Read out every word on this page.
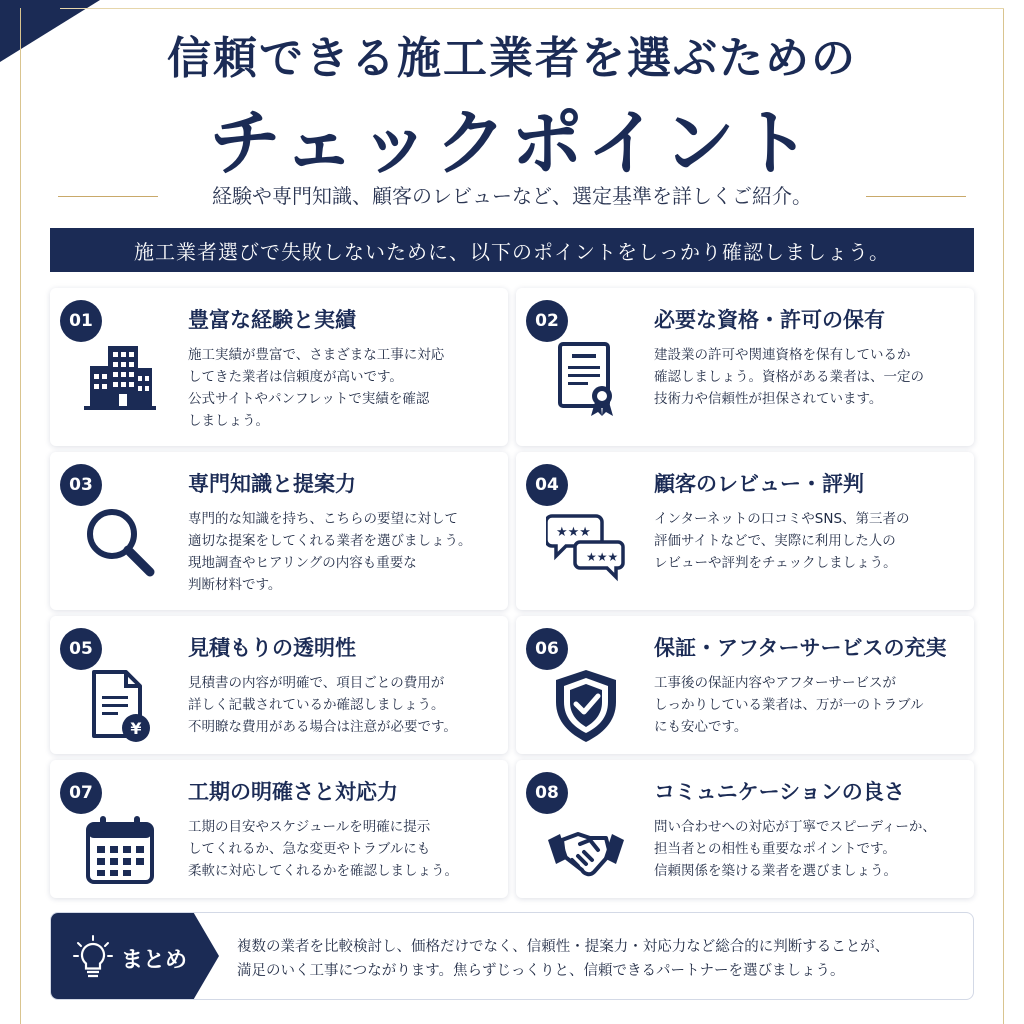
信頼できる施工業者を選ぶための
チェックポイント
経験や専門知識、顧客のレビューなど、選定基準を詳しくご紹介。
施工業者選びで失敗しないために、以下のポイントをしっかり確認しましょう。
01	豊富な経験と実績
施工実績が豊富で、さまざまな工事に対応
してきた業者は信頼度が高いです。
公式サイトやパンフレットで実績を確認
しましょう。
02	必要な資格・許可の保有
建設業の許可や関連資格を保有しているか
確認しましょう。資格がある業者は、一定の
技術力や信頼性が担保されています。
03	専門知識と提案力
専門的な知識を持ち、こちらの要望に対して
適切な提案をしてくれる業者を選びましょう。
現地調査やヒアリングの内容も重要な
判断材料です。
04
★★★
★★★
顧客のレビュー・評判
インターネットの口コミやSNS、第三者の
評価サイトなどで、実際に利用した人の
レビューや評判をチェックしましょう。
05
¥
見積もりの透明性
見積書の内容が明確で、項目ごとの費用が
詳しく記載されているか確認しましょう。
不明瞭な費用がある場合は注意が必要です。
06	保証・アフターサービスの充実
工事後の保証内容やアフターサービスが
しっかりしている業者は、万が一のトラブル
にも安心です。
07	工期の明確さと対応力
工期の目安やスケジュールを明確に提示
してくれるか、急な変更やトラブルにも
柔軟に対応してくれるかを確認しましょう。
08	コミュニケーションの良さ
問い合わせへの対応が丁寧でスピーディーか、
担当者との相性も重要なポイントです。
信頼関係を築ける業者を選びましょう。
まとめ
複数の業者を比較検討し、価格だけでなく、信頼性・提案力・対応力など総合的に判断することが、
満足のいく工事につながります。焦らずじっくりと、信頼できるパートナーを選びましょう。
